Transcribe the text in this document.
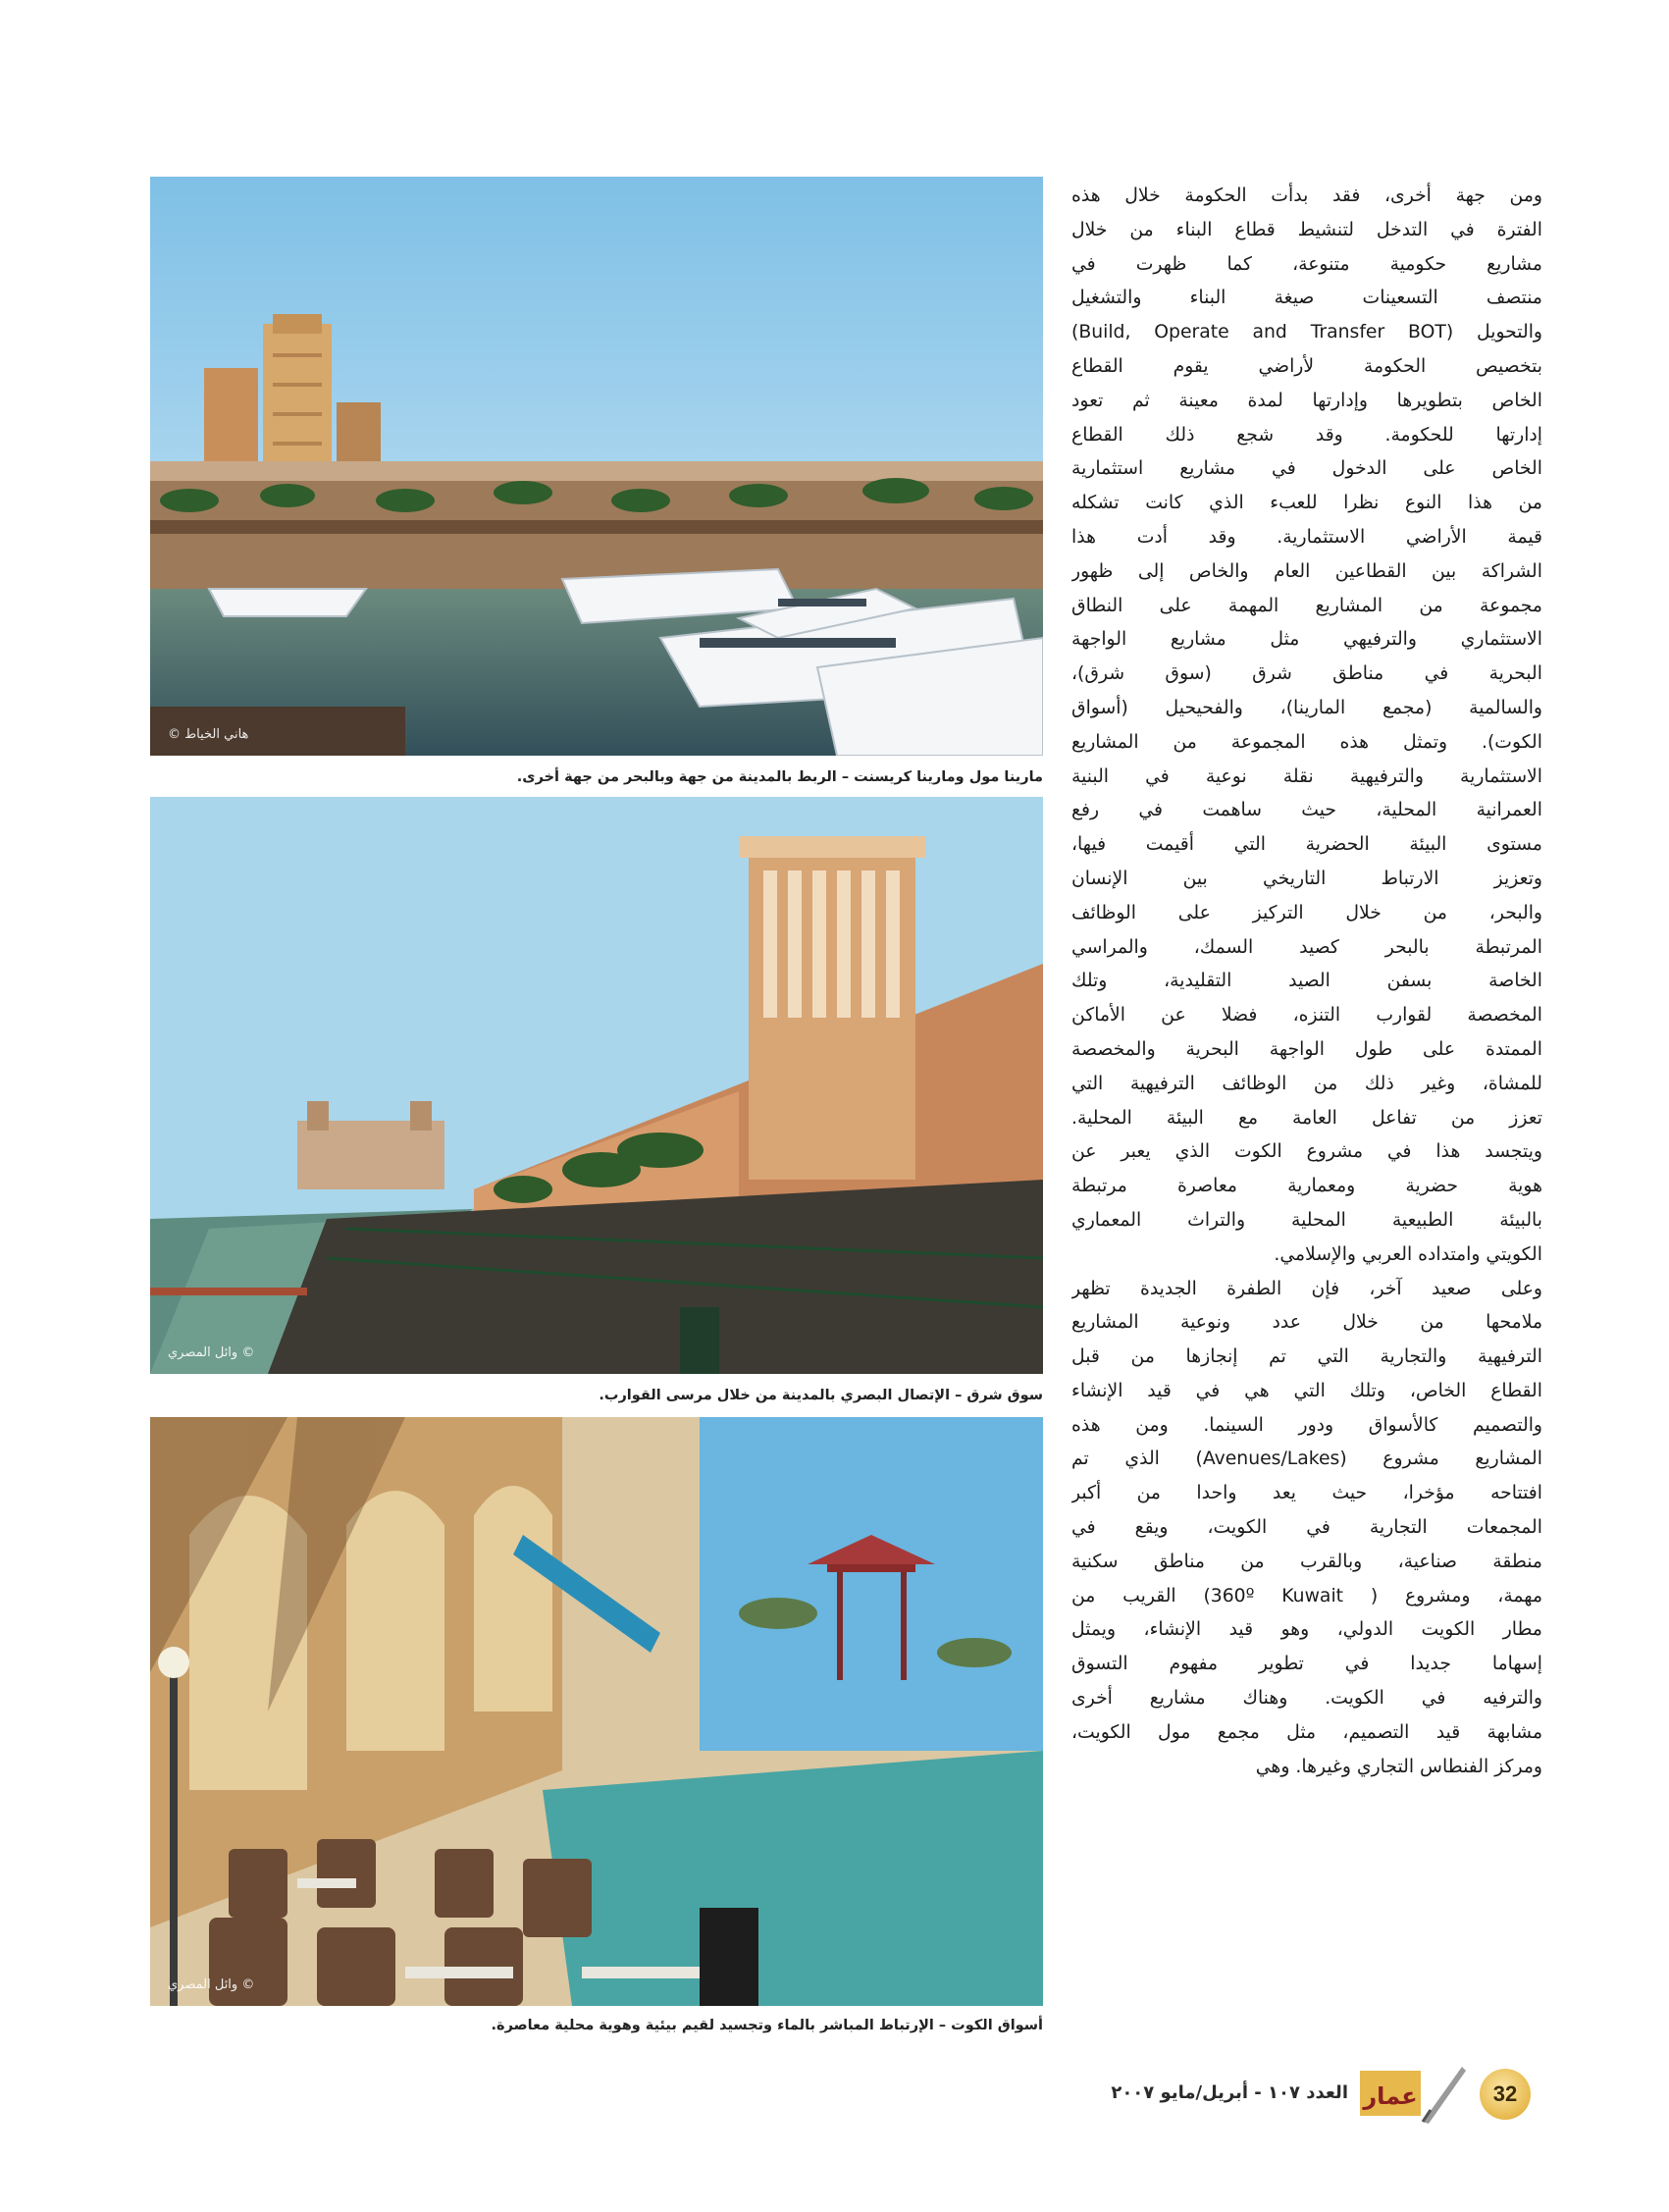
هاني الخياط ©
مارينا مول ومارينا كريسنت – الربط بالمدينة من جهة وبالبحر من جهة أخرى.
© وائل المصري
سوق شرق – الإتصال البصري بالمدينة من خلال مرسى القوارب.
© وائل المصري
أسواق الكوت – الإرتباط المباشر بالماء وتجسيد لقيم بيئية وهوية محلية معاصرة.
ومن جهة أخرى، فقد بدأت الحكومة خلال هذه
الفترة في التدخل لتنشيط قطاع البناء من خلال
مشاريع حكومية متنوعة، كما ظهرت في
منتصف التسعينات صيغة البناء والتشغيل
والتحويل (Build, Operate and Transfer BOT)
بتخصيص الحكومة لأراضي يقوم القطاع
الخاص بتطويرها وإدارتها لمدة معينة ثم تعود
إدارتها للحكومة. وقد شجع ذلك القطاع
الخاص على الدخول في مشاريع استثمارية
من هذا النوع نظرا للعبء الذي كانت تشكله
قيمة الأراضي الاستثمارية. وقد أدت هذا
الشراكة بين القطاعين العام والخاص إلى ظهور
مجموعة من المشاريع المهمة على النطاق
الاستثماري والترفيهي مثل مشاريع الواجهة
البحرية في مناطق شرق (سوق شرق)،
والسالمية (مجمع المارينا)، والفحيحيل (أسواق
الكوت). وتمثل هذه المجموعة من المشاريع
الاستثمارية والترفيهية نقلة نوعية في البنية
العمرانية المحلية، حيث ساهمت في رفع
مستوى البيئة الحضرية التي أقيمت فيها،
وتعزيز الارتباط التاريخي بين الإنسان
والبحر، من خلال التركيز على الوظائف
المرتبطة بالبحر كصيد السمك، والمراسي
الخاصة بسفن الصيد التقليدية، وتلك
المخصصة لقوارب التنزه، فضلا عن الأماكن
الممتدة على طول الواجهة البحرية والمخصصة
للمشاة، وغير ذلك من الوظائف الترفيهية التي
تعزز من تفاعل العامة مع البيئة المحلية.
ويتجسد هذا في مشروع الكوت الذي يعبر عن
هوية حضرية ومعمارية معاصرة مرتبطة
بالبيئة الطبيعية المحلية والتراث المعماري
الكويتي وامتداده العربي والإسلامي.
وعلى صعيد آخر، فإن الطفرة الجديدة تظهر
ملامحها من خلال عدد ونوعية المشاريع
الترفيهية والتجارية التي تم إنجازها من قبل
القطاع الخاص، وتلك التي هي في قيد الإنشاء
والتصميم كالأسواق ودور السينما. ومن هذه
المشاريع مشروع (Avenues/Lakes) الذي تم
افتتاحه مؤخرا، حيث يعد واحدا من أكبر
المجمعات التجارية في الكويت، ويقع في
منطقة صناعية، وبالقرب من مناطق سكنية
مهمة، ومشروع ( 360º Kuwait) القريب من
مطار الكويت الدولي، وهو قيد الإنشاء، ويمثل
إسهاما جديدا في تطوير مفهوم التسوق
والترفيه في الكويت. وهناك مشاريع أخرى
مشابهة قيد التصميم، مثل مجمع مول الكويت،
ومركز الفنطاس التجاري وغيرها. وهي
العدد ١٠٧ - أبريل/مايو ٢٠٠٧ عمار	32
